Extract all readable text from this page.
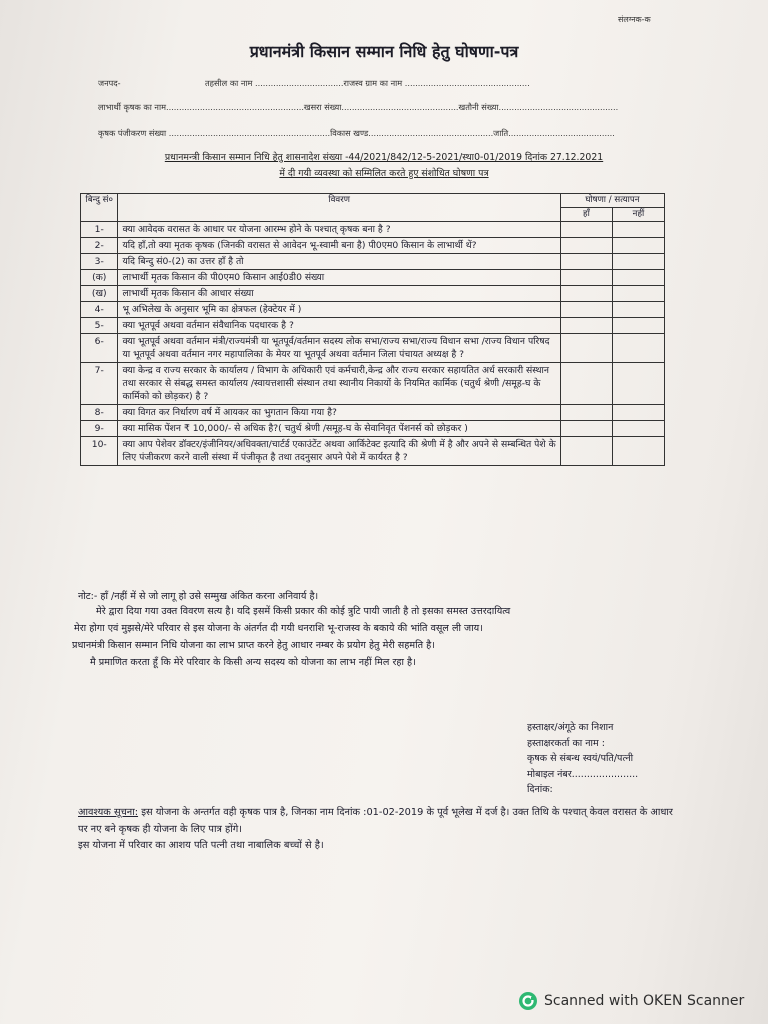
संलग्नक-क
प्रधानमंत्री किसान सम्मान निधि हेतु घोषणा-पत्र
जनपद-	तहसील का नाम ..................................राजस्व ग्राम का नाम ................................................
लाभार्थी कृषक का नाम.....................................................खसरा संख्या.............................................खतौनी संख्या..............................................
कृषक पंजीकरण संख्या ..............................................................विकास खण्ड................................................जाति.........................................
प्रधानमन्त्री किसान सम्मान निधि हेतु शासनादेश संख्या -44/2021/842/12-5-2021/स्था0-01/2019 दिनांक 27.12.2021
में दी गयी व्यवस्था को सम्मिलित करते हुए संशोधित घोषणा पत्र
बिन्दु सं०	विवरण	घोषणा / सत्यापन	
		हाँ	नहीं
1-	क्या आवेदक वरासत के आधार पर योजना आरम्भ होने के पश्चात् कृषक बना है ?		
2-	यदि हाँ,तो क्या मृतक कृषक (जिनकी वरासत से आवेदन भू-स्वामी बना है) पी0एम0 किसान के लाभार्थी थें?		
3-	यदि बिन्दु सं0-(2) का उत्तर हाँ है तो		
(क)	लाभार्थी मृतक किसान की पी0एम0 किसान आई0डी0 संख्या		
(ख)	लाभार्थी मृतक किसान की आधार संख्या		
4-	भू अभिलेख के अनुसार भूमि का क्षेत्रफल (हेक्टेयर में )		
5-	क्या भूतपूर्व अथवा वर्तमान संवैधानिक पदधारक है ?		
6-	क्या भूतपूर्व अथवा वर्तमान मंत्री/राज्यमंत्री या भूतपूर्व/वर्तमान सदस्य लोक सभा/राज्य सभा/राज्य विधान सभा /राज्य विधान परिषद या भूतपूर्व अथवा वर्तमान नगर महापालिका के मेयर या भूतपूर्व अथवा वर्तमान जिला पंचायत अध्यक्ष है ?		
7-	क्या केन्द्र व राज्य सरकार के कार्यालय / विभाग के अधिकारी एवं कर्मचारी,केन्द्र और राज्य सरकार सहायतित अर्ध सरकारी संस्थान तथा सरकार से संबद्ध समस्त कार्यालय /स्वायत्तशासी संस्थान तथा स्थानीय निकायों के नियमित कार्मिक (चतुर्थ श्रेणी /समूह-घ के कार्मिको को छोड़कर) है ?		
8-	क्या विगत कर निर्धारण वर्ष में आयकर का भुगतान किया गया है?		
9-	क्या मासिक पेंशन ₹ 10,000/- से अधिक है?( चतुर्थ श्रेणी /समूह-घ के सेवानिवृत पेंशनर्स को छोड़कर )		
10-	क्या आप पेशेवर डॉक्टर/इंजीनियर/अधिवक्ता/चार्टर्ड एकाउंटेंट अथवा आर्किटेक्ट इत्यादि की श्रेणी में है और अपने से सम्बन्धित पेशे के लिए पंजीकरण करने वाली संस्था में पंजीकृत है तथा तदनुसार अपने पेशे में कार्यरत है ?		
नोट:- हाँ /नहीं में से जो लागू हो उसे सम्मुख अंकित करना अनिवार्य है।
मेरे द्वारा दिया गया उक्त विवरण सत्य है। यदि इसमें किसी प्रकार की कोई त्रुटि पायी जाती है तो इसका समस्त उत्तरदायित्व
मेरा होगा एवं मुझसे/मेरे परिवार से इस योजना के अंतर्गत दी गयी धनराशि भू-राजस्व के बकाये की भांति वसूल ली जाय।
प्रधानमंत्री किसान सम्मान निधि योजना का लाभ प्राप्त करने हेतु आधार नम्बर के प्रयोग हेतु मेरी सहमति है।
मै प्रमाणित करता हूँ कि मेरे परिवार के किसी अन्य सदस्य को योजना का लाभ नहीं मिल रहा है।
हस्ताक्षर/अंगूठे का निशान
हस्ताक्षरकर्ता का नाम :
कृषक से संबन्ध स्वयं/पति/पत्नी
मोबाइल नंबर......................
दिनांक:
आवश्यक सूचना: इस योजना के अन्तर्गत वही कृषक पात्र है, जिनका नाम दिनांक :01-02-2019 के पूर्व भूलेख में दर्ज है। उक्त तिथि के पश्चात् केवल वरासत के आधार पर नए बने कृषक ही योजना के लिए पात्र होंगे।
इस योजना में परिवार का आशय पति पत्नी तथा नाबालिक बच्चों से है।
Scanned with OKEN Scanner
